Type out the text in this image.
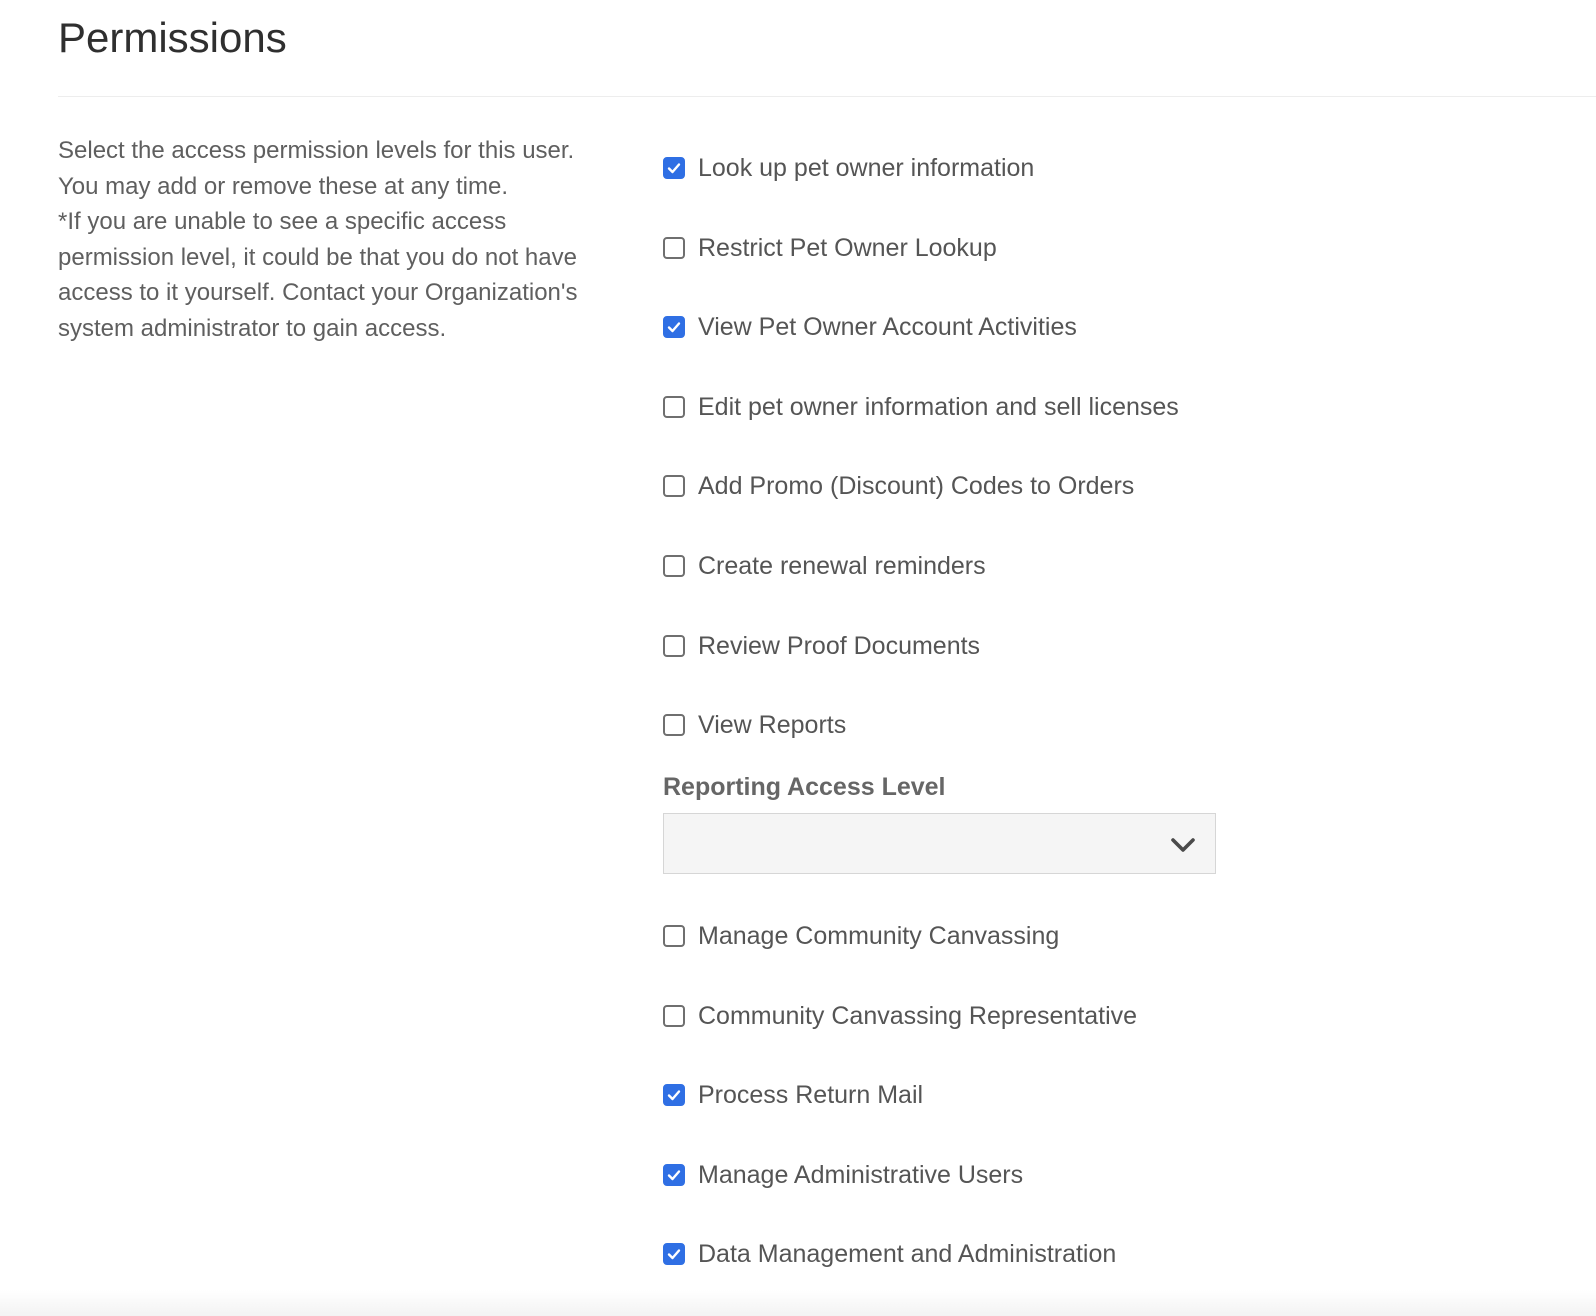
Permissions

Select the access permission levels for this user. You may add or remove these at any time.

*If you are unable to see a specific access permission level, it could be that you do not have access to it yourself. Contact your Organization's system administrator to gain access.

Look up pet owner information
Restrict Pet Owner Lookup
View Pet Owner Account Activities
Edit pet owner information and sell licenses
Add Promo (Discount) Codes to Orders
Create renewal reminders
Review Proof Documents
View Reports
Manage Community Canvassing
Community Canvassing Representative
Process Return Mail
Manage Administrative Users
Data Management and Administration
Reporting Access Level
